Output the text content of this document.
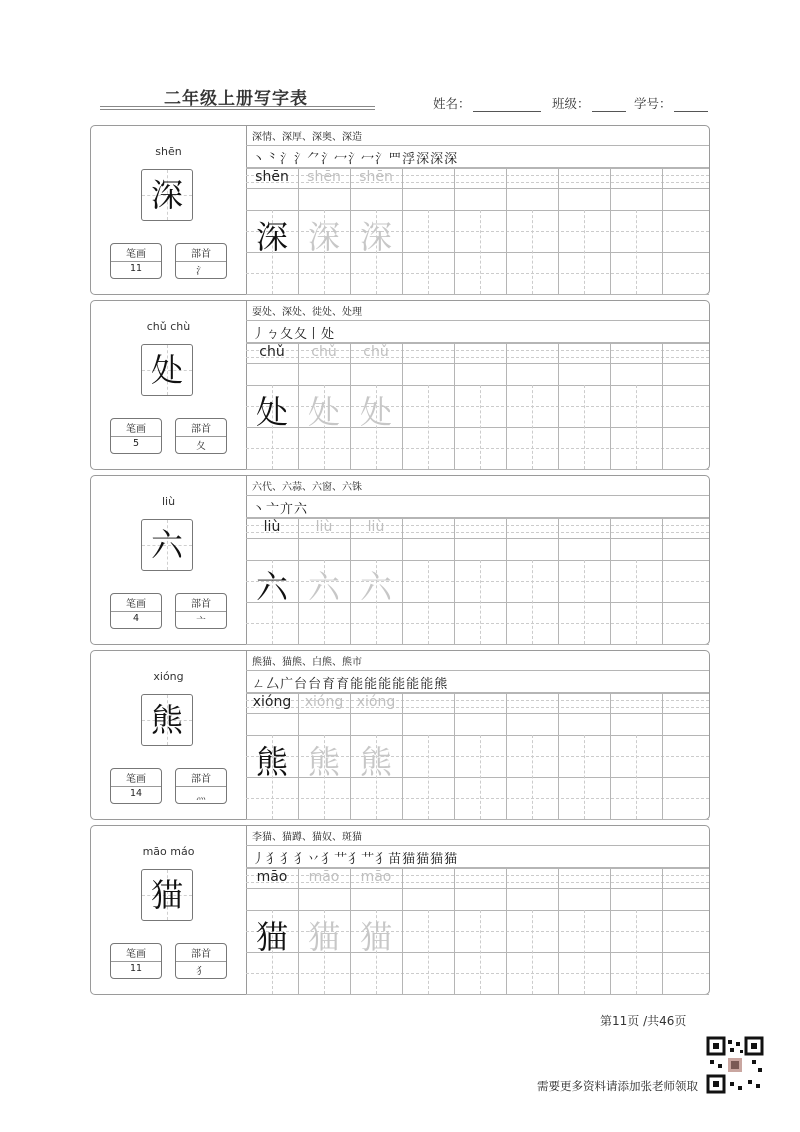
二年级上册写字表	姓名：	班级：	学号：
shēn
深
笔画
11
部首
氵
深情、深厚、深奥、深造
丶⺀氵氵⺈氵冖氵冖氵罒浮深深深
shēn	shēn	shēn
深 深 深
chǔ chù
处
笔画
5
部首
夂
耍处、深处、徙处、处理
丿ㄅ夂夂丨处
chǔ	chǔ	chǔ
处 处 处
liù
六
笔画
4
部首
亠
六代、六蒜、六窗、六铢
丶亠亣六
liù	liù	liù
六 六 六
xióng
熊
笔画
14
部首
灬
熊猫、猫熊、白熊、熊市
ㄥ厶广台台育育能能能能能能熊
xióng xióng xióng
熊 熊 熊
māo máo
猫
笔画
11
部首
犭
李猫、猫蹲、猫奴、斑猫
丿犭犭犭丷犭艹犭艹犭苗猫猫猫猫
māo	māo	māo
猫 猫 猫
第11页 /共46页
需要更多资料请添加张老师领取
